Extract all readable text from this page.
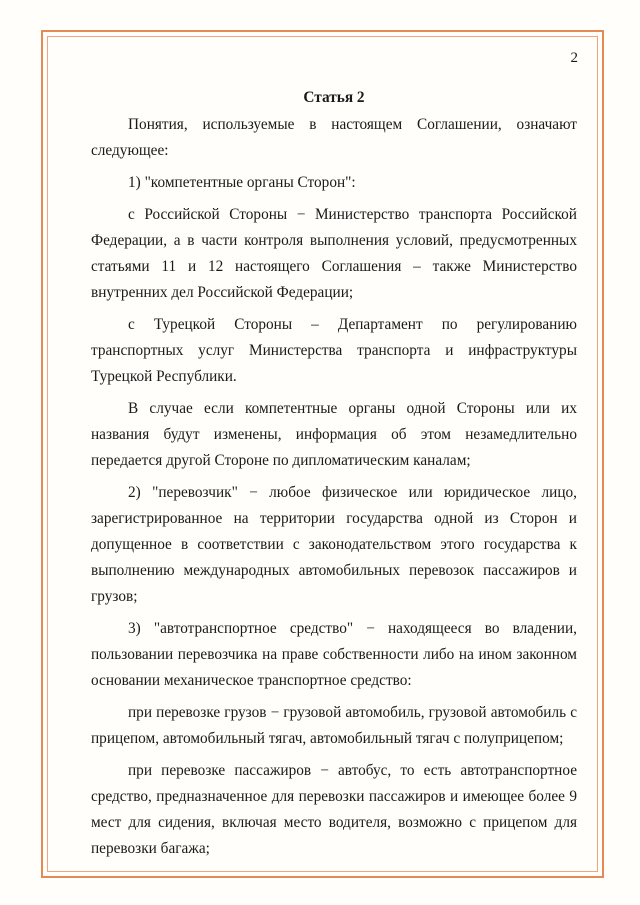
2
Статья 2

Понятия, используемые в настоящем Соглашении, означают следующее:

1) "компетентные органы Сторон":

с Российской Стороны − Министерство транспорта Российской Федерации, а в части контроля выполнения условий, предусмотренных статьями 11 и 12 настоящего Соглашения – также Министерство внутренних дел Российской Федерации;

с Турецкой Стороны – Департамент по регулированию транспортных услуг Министерства транспорта и инфраструктуры Турецкой Республики.

В случае если компетентные органы одной Стороны или их названия будут изменены, информация об этом незамедлительно передается другой Стороне по дипломатическим каналам;

2) "перевозчик" − любое физическое или юридическое лицо, зарегистрированное на территории государства одной из Сторон и допущенное в соответствии с законодательством этого государства к выполнению международных автомобильных перевозок пассажиров и грузов;

3) "автотранспортное средство" − находящееся во владении, пользовании перевозчика на праве собственности либо на ином законном основании механическое транспортное средство:

при перевозке грузов − грузовой автомобиль, грузовой автомобиль с прицепом, автомобильный тягач, автомобильный тягач с полуприцепом;

при перевозке пассажиров − автобус, то есть автотранспортное средство, предназначенное для перевозки пассажиров и имеющее более 9 мест для сидения, включая место водителя, возможно с прицепом для перевозки багажа;
